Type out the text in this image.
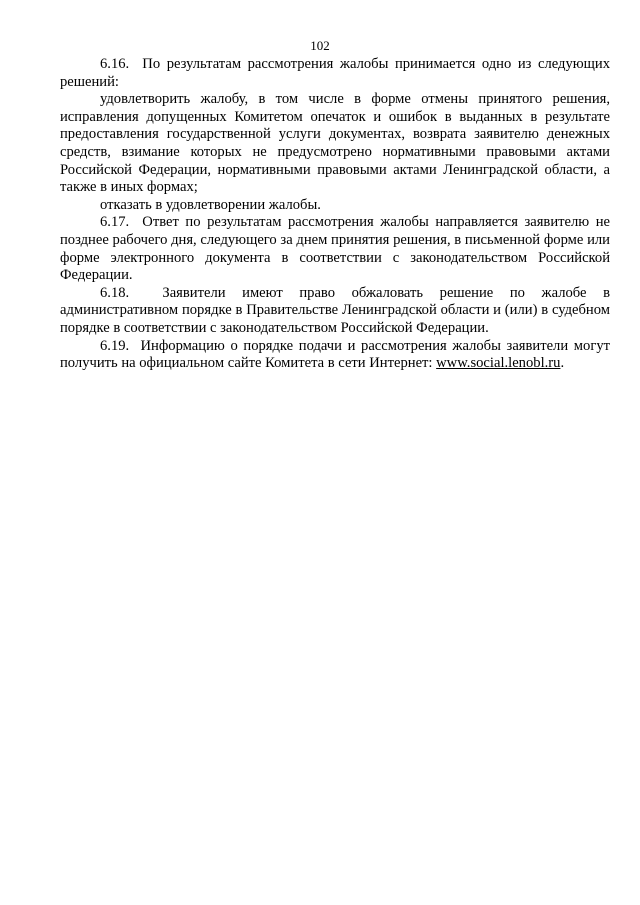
102

6.16. По результатам рассмотрения жалобы принимается одно из следующих решений:

удовлетворить жалобу, в том числе в форме отмены принятого решения, исправления допущенных Комитетом опечаток и ошибок в выданных в результате предоставления государственной услуги документах, возврата заявителю денежных средств, взимание которых не предусмотрено нормативными правовыми актами Российской Федерации, нормативными правовыми актами Ленинградской области, а также в иных формах;

отказать в удовлетворении жалобы.

6.17. Ответ по результатам рассмотрения жалобы направляется заявителю не позднее рабочего дня, следующего за днем принятия решения, в письменной форме или форме электронного документа в соответствии с законодательством Российской Федерации.

6.18. Заявители имеют право обжаловать решение по жалобе в административном порядке в Правительстве Ленинградской области и (или) в судебном порядке в соответствии с законодательством Российской Федерации.

6.19. Информацию о порядке подачи и рассмотрения жалобы заявители могут получить на официальном сайте Комитета в сети Интернет: www.social.lenobl.ru.
